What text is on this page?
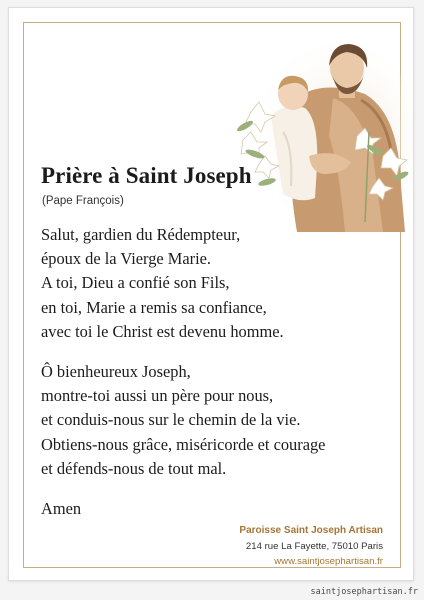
Prière à Saint Joseph
(Pape François)
Salut, gardien du Rédempteur,
époux de la Vierge Marie.
A toi, Dieu a confié son Fils,
en toi, Marie a remis sa confiance,
avec toi le Christ est devenu homme.
Ô bienheureux Joseph,
montre-toi aussi un père pour nous,
et conduis-nous sur le chemin de la vie.
Obtiens-nous grâce, miséricorde et courage
et défends-nous de tout mal.
Amen
Paroisse Saint Joseph Artisan
214 rue La Fayette, 75010 Paris
www.saintjosephartisan.fr
saintjosephartisan.fr
